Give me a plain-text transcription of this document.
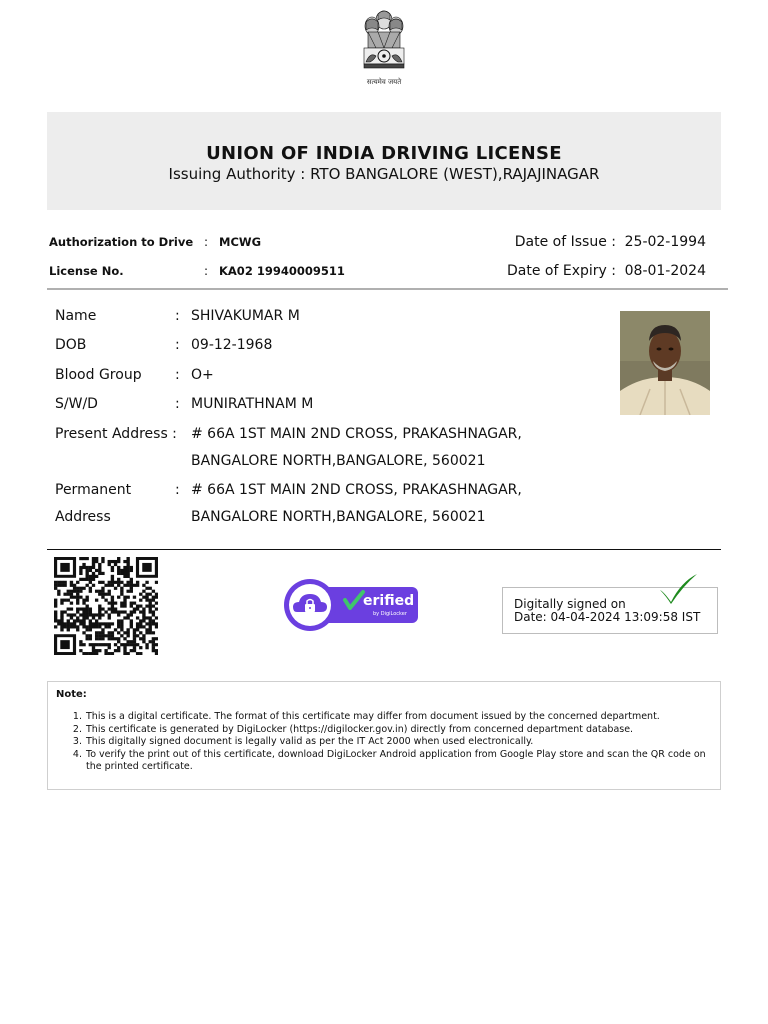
सत्यमेव जयते
UNION OF INDIA DRIVING LICENSE
Issuing Authority : RTO BANGALORE (WEST),RAJAJINAGAR
Authorization to Drive : MCWG
License No.	: KA02 19940009511
Date of Issue : 25-02-1994
Date of Expiry : 08-01-2024
Name	: SHIVAKUMAR M
DOB	: 09-12-1968
Blood Group	: O+
S/W/D	: MUNIRATHNAM M
Present Address :	# 66A 1ST MAIN 2ND CROSS, PRAKASHNAGAR,
BANGALORE NORTH,BANGALORE, 560021
Permanent
Address
: # 66A 1ST MAIN 2ND CROSS, PRAKASHNAGAR,
BANGALORE NORTH,BANGALORE, 560021
erified
by DigiLocker
Digitally signed on
Date: 04-04-2024 13:09:58 IST
Note:
1. This is a digital certificate. The format of this certificate may differ from document issued by the concerned department.
2. This certificate is generated by DigiLocker (https://digilocker.gov.in) directly from concerned department database.
3. This digitally signed document is legally valid as per the IT Act 2000 when used electronically.
4. To verify the print out of this certificate, download DigiLocker Android application from Google Play store and scan the QR code on the printed certificate.
